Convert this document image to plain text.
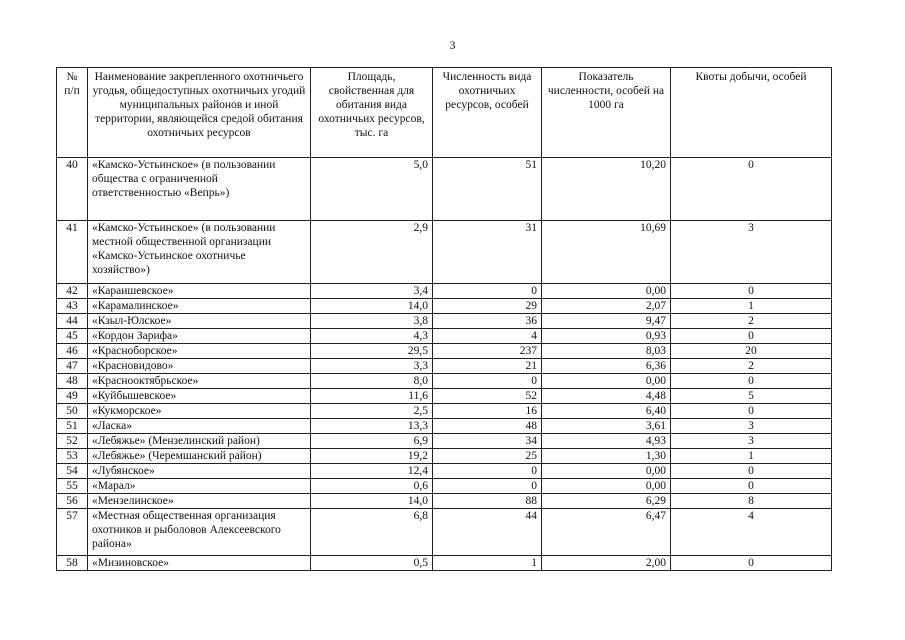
3
№ п/п	Наименование закрепленного охотничьего угодья, общедоступных охотничьих угодий муниципальных районов и иной территории, являющейся средой обитания охотничьих ресурсов	Площадь, свойственная для обитания вида охотничьих ресурсов, тыс. га	Численность вида охотничьих ресурсов, особей	Показатель численности, особей на 1000 га	Квоты добычи, особей
40	«Камско-Устьинское» (в пользовании общества с ограниченной ответственностью «Вепрь»)	5,0	51	10,20	0
41	«Камско-Устьинское» (в пользовании местной общественной организации «Камско-Устьинское охотничье хозяйство»)	2,9	31	10,69	3
42	«Караишевское»	3,4	0	0,00	0
43	«Карамалинское»	14,0	29	2,07	1
44	«Кзыл-Юлское»	3,8	36	9,47	2
45	«Кордон Зарифа»	4,3	4	0,93	0
46	«Красноборское»	29,5	237	8,03	20
47	«Красновидово»	3,3	21	6,36	2
48	«Краснооктябрьское»	8,0	0	0,00	0
49	«Куйбышевское»	11,6	52	4,48	5
50	«Кукморское»	2,5	16	6,40	0
51	«Ласка»	13,3	48	3,61	3
52	«Лебяжье» (Мензелинский район)	6,9	34	4,93	3
53	«Лебяжье» (Черемшанский район)	19,2	25	1,30	1
54	«Лубянское»	12,4	0	0,00	0
55	«Марал»	0,6	0	0,00	0
56	«Мензелинское»	14,0	88	6,29	8
57	«Местная общественная организация охотников и рыболовов Алексеевского района»	6,8	44	6,47	4
58	«Мизиновское»	0,5	1	2,00	0
